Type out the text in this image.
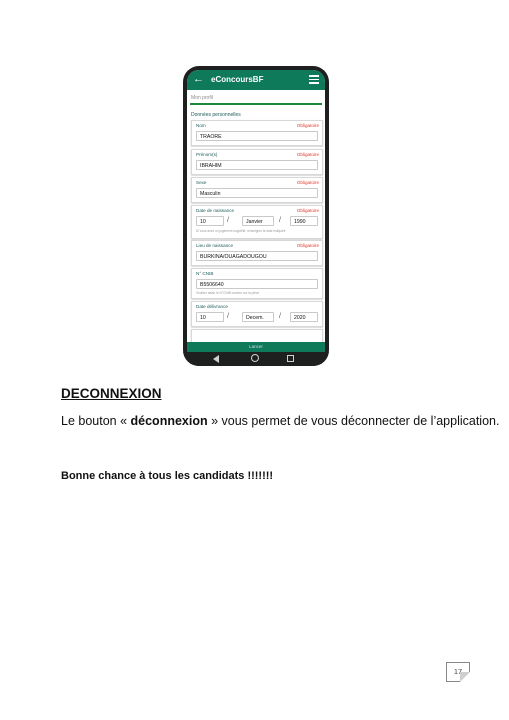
← eConcoursBF
Mon profil
Données personnelles
Nom	Obligatoire
TRAORE
Prénom(s)	Obligatoire
IBRAHIM
Sexe	Obligatoire
Masculin
Date de naissance	Obligatoire
10	/	Janvier	/	1990
Si vous avez un jugement supplétif, renseigner la date indiquée
Lieu de naissance	Obligatoire
BURKINA/OUAGADOUGOU
N° CNIB
B5506640
Veuillez saisir le N°CNIB comme sur la pièce
Date délivrance
10	/	Decem.	/	2020
Lancer
DECONNEXION
Le bouton « déconnexion » vous permet de vous déconnecter de l’application.
Bonne chance à tous les candidats !!!!!!!
17
